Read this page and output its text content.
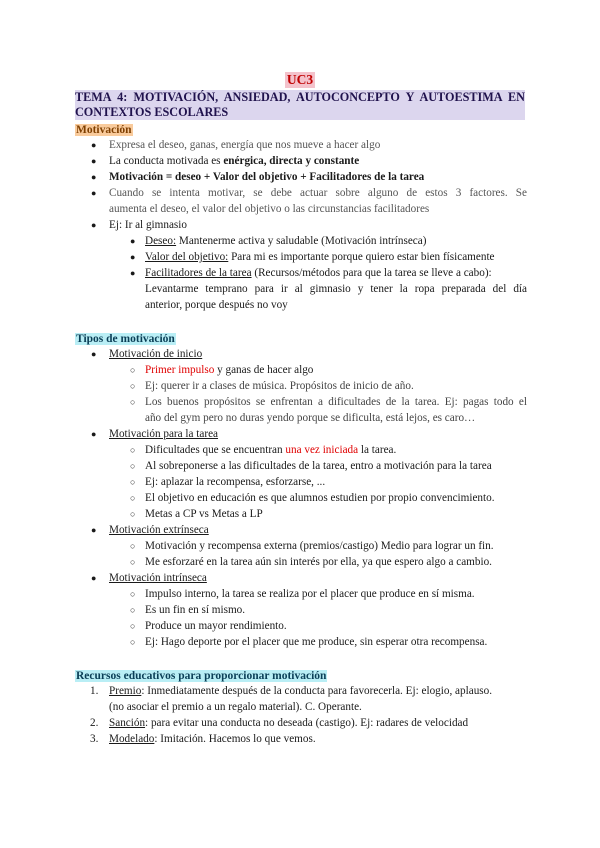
UC3
TEMA 4: MOTIVACIÓN, ANSIEDAD, AUTOCONCEPTO Y AUTOESTIMA EN CONTEXTOS ESCOLARES
Motivación
● Expresa el deseo, ganas, energía que nos mueve a hacer algo
● La conducta motivada es enérgica, directa y constante
● Motivación = deseo + Valor del objetivo + Facilitadores de la tarea
● Cuando se intenta motivar, se debe actuar sobre alguno de estos 3 factores. Se
aumenta el deseo, el valor del objetivo o las circunstancias facilitadores
● Ej: Ir al gimnasio
● Deseo: Mantenerme activa y saludable (Motivación intrínseca)
● Valor del objetivo: Para mi es importante porque quiero estar bien físicamente
● Facilitadores de la tarea (Recursos/métodos para que la tarea se lleve a cabo):
Levantarme temprano para ir al gimnasio y tener la ropa preparada del día
anterior, porque después no voy
Tipos de motivación
● Motivación de inicio
○ Primer impulso y ganas de hacer algo
○ Ej: querer ir a clases de música. Propósitos de inicio de año.
○ Los buenos propósitos se enfrentan a dificultades de la tarea. Ej: pagas todo el
año del gym pero no duras yendo porque se dificulta, está lejos, es caro…
● Motivación para la tarea
○ Dificultades que se encuentran una vez iniciada la tarea.
○ Al sobreponerse a las dificultades de la tarea, entro a motivación para la tarea
○ Ej: aplazar la recompensa, esforzarse, ...
○ El objetivo en educación es que alumnos estudien por propio convencimiento.
○ Metas a CP vs Metas a LP
● Motivación extrínseca
○ Motivación y recompensa externa (premios/castigo) Medio para lograr un fin.
○ Me esforzaré en la tarea aún sin interés por ella, ya que espero algo a cambio.
● Motivación intrínseca
○ Impulso interno, la tarea se realiza por el placer que produce en sí misma.
○ Es un fin en sí mismo.
○ Produce un mayor rendimiento.
○ Ej: Hago deporte por el placer que me produce, sin esperar otra recompensa.
Recursos educativos para proporcionar motivación
1. Premio: Inmediatamente después de la conducta para favorecerla. Ej: elogio, aplauso.
(no asociar el premio a un regalo material). C. Operante.
2. Sanción: para evitar una conducta no deseada (castigo). Ej: radares de velocidad
3. Modelado: Imitación. Hacemos lo que vemos.
